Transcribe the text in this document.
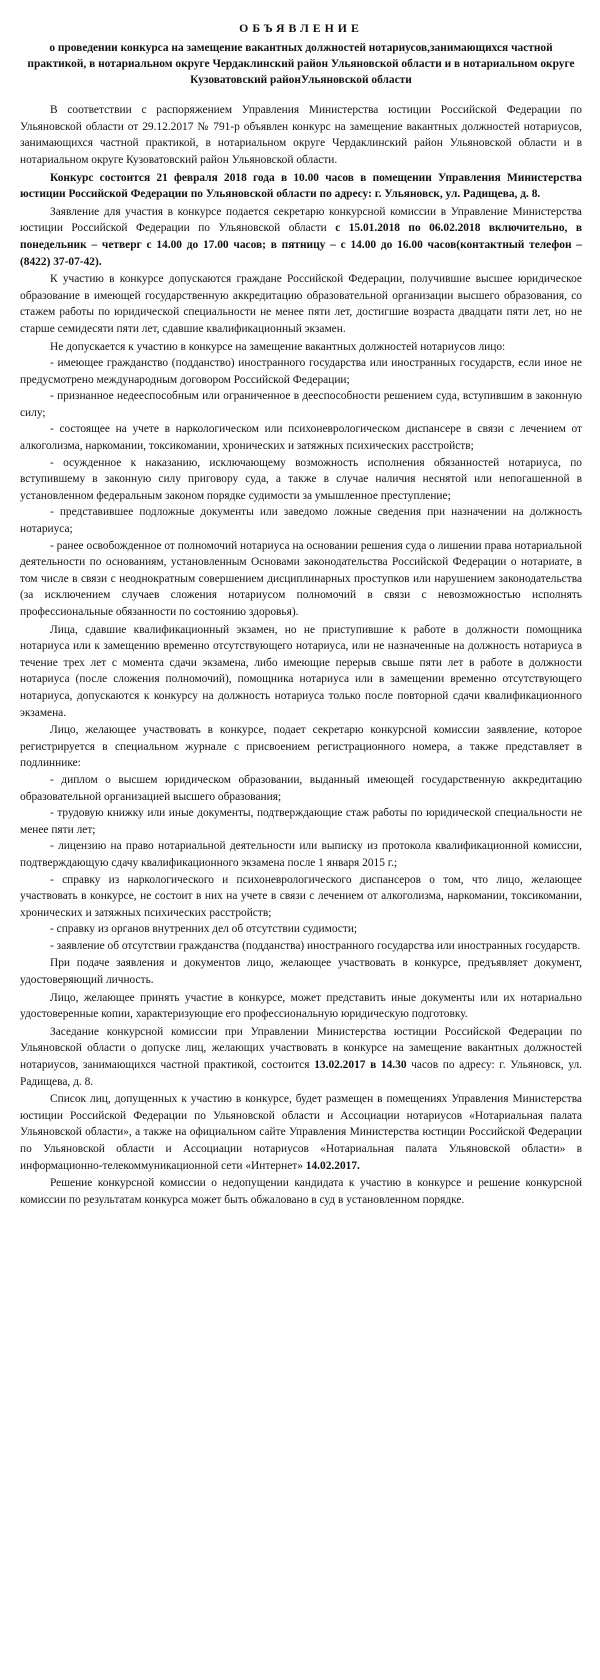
ОБЪЯВЛЕНИЕ
о проведении конкурса на замещение вакантных должностей нотариусов,занимающихся частной практикой, в нотариальном округе Чердаклинский район Ульяновской области и в нотариальном округе Кузоватовский районУльяновской области

В соответствии с распоряжением Управления Министерства юстиции Российской Федерации по Ульяновской области от 29.12.2017 № 791-р объявлен конкурс на замещение вакантных должностей нотариусов, занимающихся частной практикой, в нотариальном округе Чердаклинский район Ульяновской области и в нотариальном округе Кузоватовский район Ульяновской области.

Конкурс состоится 21 февраля 2018 года в 10.00 часов в помещении Управления Министерства юстиции Российской Федерации по Ульяновской области по адресу: г. Ульяновск, ул. Радищева, д. 8.

Заявление для участия в конкурсе подается секретарю конкурсной комиссии в Управление Министерства юстиции Российской Федерации по Ульяновской области с 15.01.2018 по 06.02.2018 включительно, в понедельник – четверг с 14.00 до 17.00 часов; в пятницу – с 14.00 до 16.00 часов(контактный телефон – (8422) 37-07-42).

К участию в конкурсе допускаются граждане Российской Федерации, получившие высшее юридическое образование в имеющей государственную аккредитацию образовательной организации высшего образования, со стажем работы по юридической специальности не менее пяти лет, достигшие возраста двадцати пяти лет, но не старше семидесяти пяти лет, сдавшие квалификационный экзамен.

Не допускается к участию в конкурсе на замещение вакантных должностей нотариусов лицо:

- имеющее гражданство (подданство) иностранного государства или иностранных государств, если иное не предусмотрено международным договором Российской Федерации;

- признанное недееспособным или ограниченное в дееспособности решением суда, вступившим в законную силу;

- состоящее на учете в наркологическом или психоневрологическом диспансере в связи с лечением от алкоголизма, наркомании, токсикомании, хронических и затяжных психических расстройств;

- осужденное к наказанию, исключающему возможность исполнения обязанностей нотариуса, по вступившему в законную силу приговору суда, а также в случае наличия неснятой или непогашенной в установленном федеральным законом порядке судимости за умышленное преступление;

- представившее подложные документы или заведомо ложные сведения при назначении на должность нотариуса;

- ранее освобожденное от полномочий нотариуса на основании решения суда о лишении права нотариальной деятельности по основаниям, установленным Основами законодательства Российской Федерации о нотариате, в том числе в связи с неоднократным совершением дисциплинарных проступков или нарушением законодательства (за исключением случаев сложения нотариусом полномочий в связи с невозможностью исполнять профессиональные обязанности по состоянию здоровья).

Лица, сдавшие квалификационный экзамен, но не приступившие к работе в должности помощника нотариуса или к замещению временно отсутствующего нотариуса, или не назначенные на должность нотариуса в течение трех лет с момента сдачи экзамена, либо имеющие перерыв свыше пяти лет в работе в должности нотариуса (после сложения полномочий), помощника нотариуса или в замещении временно отсутствующего нотариуса, допускаются к конкурсу на должность нотариуса только после повторной сдачи квалификационного экзамена.

Лицо, желающее участвовать в конкурсе, подает секретарю конкурсной комиссии заявление, которое регистрируется в специальном журнале с присвоением регистрационного номера, а также представляет в подлиннике:

- диплом о высшем юридическом образовании, выданный имеющей государственную аккредитацию образовательной организацией высшего образования;

- трудовую книжку или иные документы, подтверждающие стаж работы по юридической специальности не менее пяти лет;

- лицензию на право нотариальной деятельности или выписку из протокола квалификационной комиссии, подтверждающую сдачу квалификационного экзамена после 1 января 2015 г.;

- справку из наркологического и психоневрологического диспансеров о том, что лицо, желающее участвовать в конкурсе, не состоит в них на учете в связи с лечением от алкоголизма, наркомании, токсикомании, хронических и затяжных психических расстройств;

- справку из органов внутренних дел об отсутствии судимости;

- заявление об отсутствии гражданства (подданства) иностранного государства или иностранных государств.

При подаче заявления и документов лицо, желающее участвовать в конкурсе, предъявляет документ, удостоверяющий личность.

Лицо, желающее принять участие в конкурсе, может представить иные документы или их нотариально удостоверенные копии, характеризующие его профессиональную юридическую подготовку.

Заседание конкурсной комиссии при Управлении Министерства юстиции Российской Федерации по Ульяновской области о допуске лиц, желающих участвовать в конкурсе на замещение вакантных должностей нотариусов, занимающихся частной практикой, состоится 13.02.2017 в 14.30 часов по адресу: г. Ульяновск, ул. Радищева, д. 8.

Список лиц, допущенных к участию в конкурсе, будет размещен в помещениях Управления Министерства юстиции Российской Федерации по Ульяновской области и Ассоциации нотариусов «Нотариальная палата Ульяновской области», а также на официальном сайте Управления Министерства юстиции Российской Федерации по Ульяновской области и Ассоциации нотариусов «Нотариальная палата Ульяновской области» в информационно-телекоммуникационной сети «Интернет» 14.02.2017.

Решение конкурсной комиссии о недопущении кандидата к участию в конкурсе и решение конкурсной комиссии по результатам конкурса может быть обжаловано в суд в установленном порядке.
